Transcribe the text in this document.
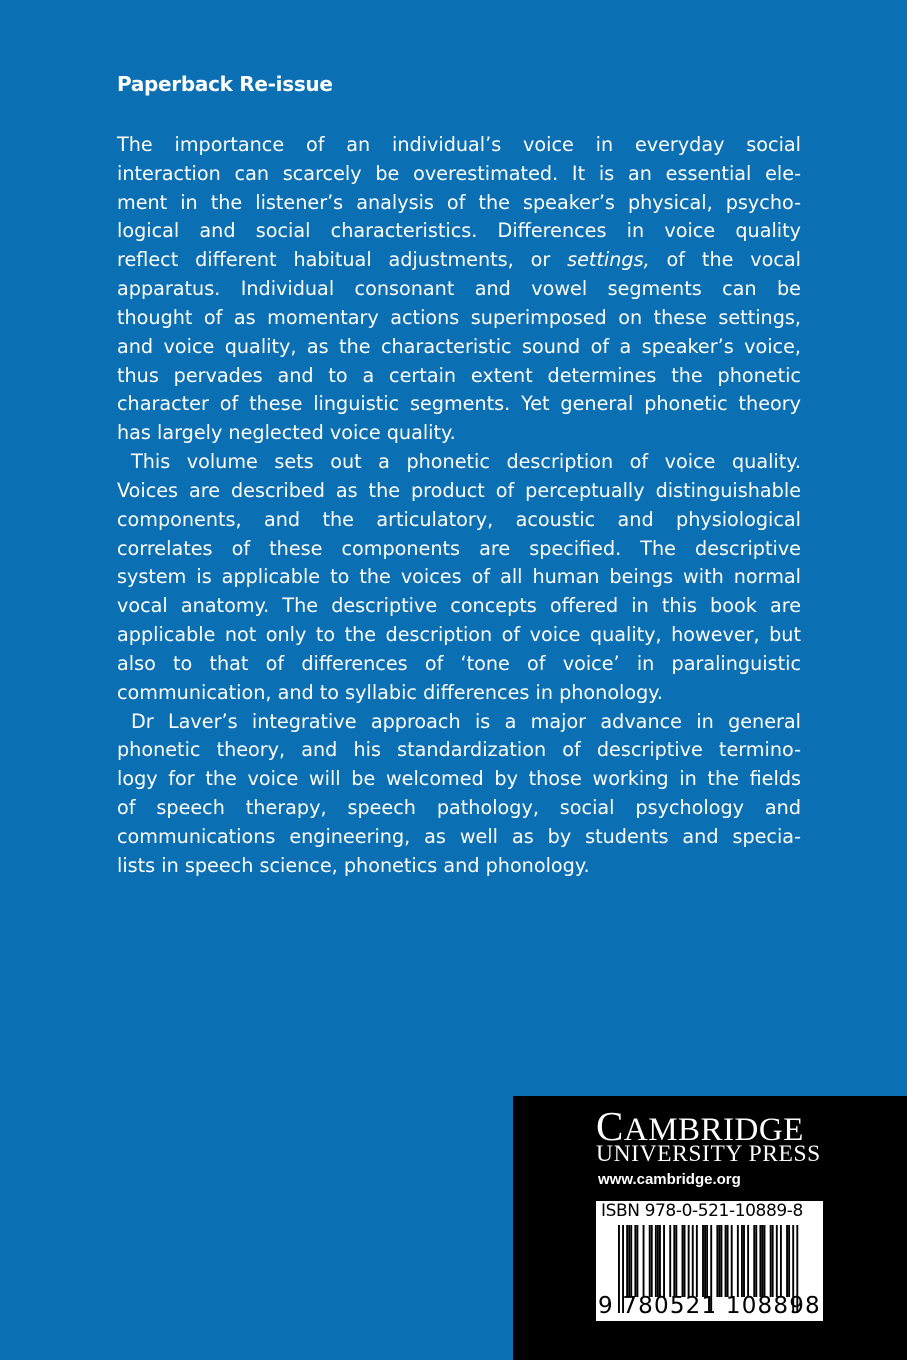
Paperback Re-issue
The importance of an individual’s voice in everyday social
interaction can scarcely be overestimated. It is an essential ele-
ment in the listener’s analysis of the speaker’s physical, psycho-
logical and social characteristics. Differences in voice quality
reflect different habitual adjustments, or settings, of the vocal
apparatus. Individual consonant and vowel segments can be
thought of as momentary actions superimposed on these settings,
and voice quality, as the characteristic sound of a speaker’s voice,
thus pervades and to a certain extent determines the phonetic
character of these linguistic segments. Yet general phonetic theory
has largely neglected voice quality.
This volume sets out a phonetic description of voice quality.
Voices are described as the product of perceptually distinguishable
components, and the articulatory, acoustic and physiological
correlates of these components are specified. The descriptive
system is applicable to the voices of all human beings with normal
vocal anatomy. The descriptive concepts offered in this book are
applicable not only to the description of voice quality, however, but
also to that of differences of ‘tone of voice’ in paralinguistic
communication, and to syllabic differences in phonology.
Dr Laver’s integrative approach is a major advance in general
phonetic theory, and his standardization of descriptive termino-
logy for the voice will be welcomed by those working in the fields
of speech therapy, speech pathology, social psychology and
communications engineering, as well as by students and specia-
lists in speech science, phonetics and phonology.
CAMBRIDGE
UNIVERSITY PRESS
www.cambridge.org
ISBN 978-0-521-10889-8
9 780521 108898 >
